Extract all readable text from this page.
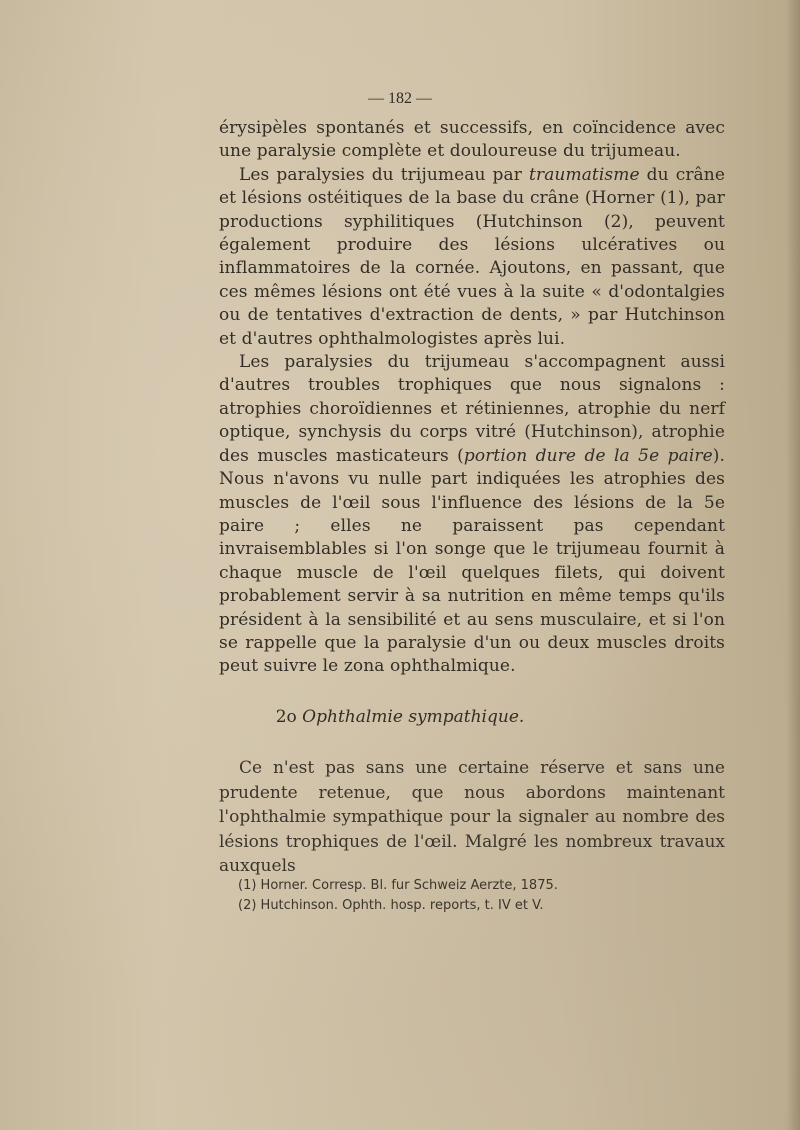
— 182 —

érysipèles spontanés et successifs, en coïncidence avec une paralysie complète et douloureuse du trijumeau.

Les paralysies du trijumeau par traumatisme du crâne et lésions ostéitiques de la base du crâne (Horner (1), par productions syphilitiques (Hutchinson (2), peuvent également produire des lésions ulcératives ou inflammatoires de la cornée. Ajoutons, en passant, que ces mêmes lésions ont été vues à la suite « d'odontalgies ou de tentatives d'extraction de dents, » par Hutchinson et d'autres ophthalmologistes après lui.

Les paralysies du trijumeau s'accompagnent aussi d'autres troubles trophiques que nous signalons : atrophies choroïdiennes et rétiniennes, atrophie du nerf optique, synchysis du corps vitré (Hutchinson), atrophie des muscles masticateurs (portion dure de la 5e paire). Nous n'avons vu nulle part indiquées les atrophies des muscles de l'œil sous l'influence des lésions de la 5e paire ; elles ne paraissent pas cependant invraisemblables si l'on songe que le trijumeau fournit à chaque muscle de l'œil quelques filets, qui doivent probablement servir à sa nutrition en même temps qu'ils président à la sensibilité et au sens musculaire, et si l'on se rappelle que la paralysie d'un ou deux muscles droits peut suivre le zona ophthalmique.

2o Ophthalmie sympathique.

Ce n'est pas sans une certaine réserve et sans une prudente retenue, que nous abordons maintenant l'ophthalmie sympathique pour la signaler au nombre des lésions trophiques de l'œil. Malgré les nombreux travaux auxquels

(1) Horner. Corresp. Bl. fur Schweiz Aerzte, 1875.
(2) Hutchinson. Ophth. hosp. reports, t. IV et V.
